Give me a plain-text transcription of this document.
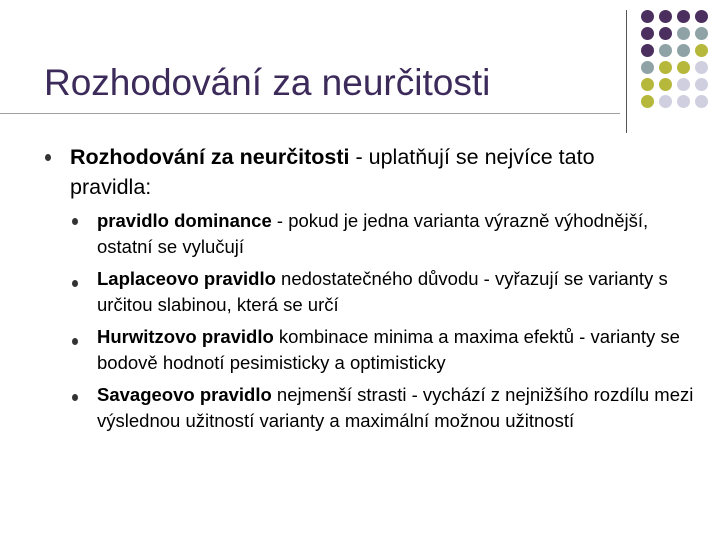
Rozhodování za neurčitosti
Rozhodování za neurčitosti - uplatňují se nejvíce tato pravidla:
pravidlo dominance - pokud je jedna varianta výrazně výhodnější, ostatní se vylučují
Laplaceovo pravidlo nedostatečného důvodu - vyřazují se varianty s určitou slabinou, která se určí
Hurwitzovo pravidlo kombinace minima a maxima efektů - varianty se bodově hodnotí pesimisticky a optimisticky
Savageovo pravidlo nejmenší strasti - vychází z nejnižšího rozdílu mezi výslednou užitností varianty a maximální možnou užitností
